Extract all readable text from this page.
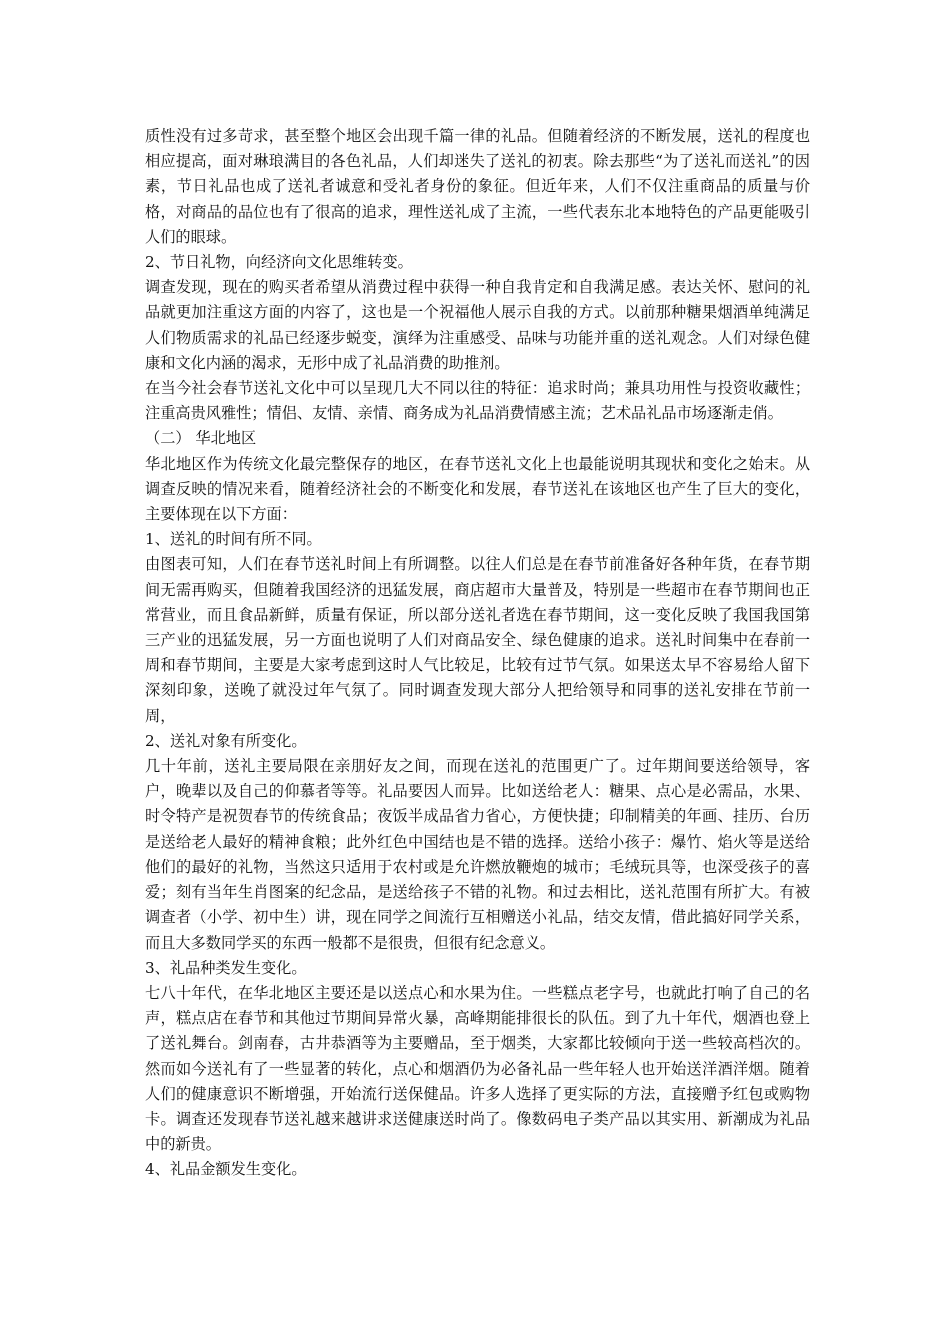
质性没有过多苛求，甚至整个地区会出现千篇一律的礼品。但随着经济的不断发展，送礼的程度也相应提高，面对琳琅满目的各色礼品，人们却迷失了送礼的初衷。除去那些“为了送礼而送礼”的因素，节日礼品也成了送礼者诚意和受礼者身份的象征。但近年来，人们不仅注重商品的质量与价格，对商品的品位也有了很高的追求，理性送礼成了主流，一些代表东北本地特色的产品更能吸引人们的眼球。

2、节日礼物，向经济向文化思维转变。

调查发现，现在的购买者希望从消费过程中获得一种自我肯定和自我满足感。表达关怀、慰问的礼品就更加注重这方面的内容了，这也是一个祝福他人展示自我的方式。以前那种糖果烟酒单纯满足人们物质需求的礼品已经逐步蜕变，演绎为注重感受、品味与功能并重的送礼观念。人们对绿色健康和文化内涵的渴求，无形中成了礼品消费的助推剂。

在当今社会春节送礼文化中可以呈现几大不同以往的特征：追求时尚；兼具功用性与投资收藏性；注重高贵风雅性；情侣、友情、亲情、商务成为礼品消费情感主流；艺术品礼品市场逐渐走俏。

（二） 华北地区

华北地区作为传统文化最完整保存的地区，在春节送礼文化上也最能说明其现状和变化之始末。从调查反映的情况来看，随着经济社会的不断变化和发展，春节送礼在该地区也产生了巨大的变化，主要体现在以下方面：

1、送礼的时间有所不同。

由图表可知，人们在春节送礼时间上有所调整。以往人们总是在春节前准备好各种年货，在春节期间无需再购买，但随着我国经济的迅猛发展，商店超市大量普及，特别是一些超市在春节期间也正常营业，而且食品新鲜，质量有保证，所以部分送礼者选在春节期间，这一变化反映了我国我国第三产业的迅猛发展，另一方面也说明了人们对商品安全、绿色健康的追求。送礼时间集中在春前一周和春节期间，主要是大家考虑到这时人气比较足，比较有过节气氛。如果送太早不容易给人留下深刻印象，送晚了就没过年气氛了。同时调查发现大部分人把给领导和同事的送礼安排在节前一周，

2、送礼对象有所变化。

几十年前，送礼主要局限在亲朋好友之间，而现在送礼的范围更广了。过年期间要送给领导，客户，晚辈以及自己的仰慕者等等。礼品要因人而异。比如送给老人：糖果、点心是必需品，水果、时令特产是祝贺春节的传统食品；夜饭半成品省力省心，方便快捷；印制精美的年画、挂历、台历是送给老人最好的精神食粮；此外红色中国结也是不错的选择。送给小孩子：爆竹、焰火等是送给他们的最好的礼物，当然这只适用于农村或是允许燃放鞭炮的城市；毛绒玩具等，也深受孩子的喜爱；刻有当年生肖图案的纪念品，是送给孩子不错的礼物。和过去相比，送礼范围有所扩大。有被调查者（小学、初中生）讲，现在同学之间流行互相赠送小礼品，结交友情，借此搞好同学关系，而且大多数同学买的东西一般都不是很贵，但很有纪念意义。

3、礼品种类发生变化。

七八十年代，在华北地区主要还是以送点心和水果为住。一些糕点老字号，也就此打响了自己的名声，糕点店在春节和其他过节期间异常火暴，高峰期能排很长的队伍。到了九十年代，烟酒也登上了送礼舞台。剑南春，古井恭酒等为主要赠品，至于烟类，大家都比较倾向于送一些较高档次的。然而如今送礼有了一些显著的转化，点心和烟酒仍为必备礼品一些年轻人也开始送洋酒洋烟。随着人们的健康意识不断增强，开始流行送保健品。许多人选择了更实际的方法，直接赠予红包或购物卡。调查还发现春节送礼越来越讲求送健康送时尚了。像数码电子类产品以其实用、新潮成为礼品中的新贵。

4、礼品金额发生变化。
